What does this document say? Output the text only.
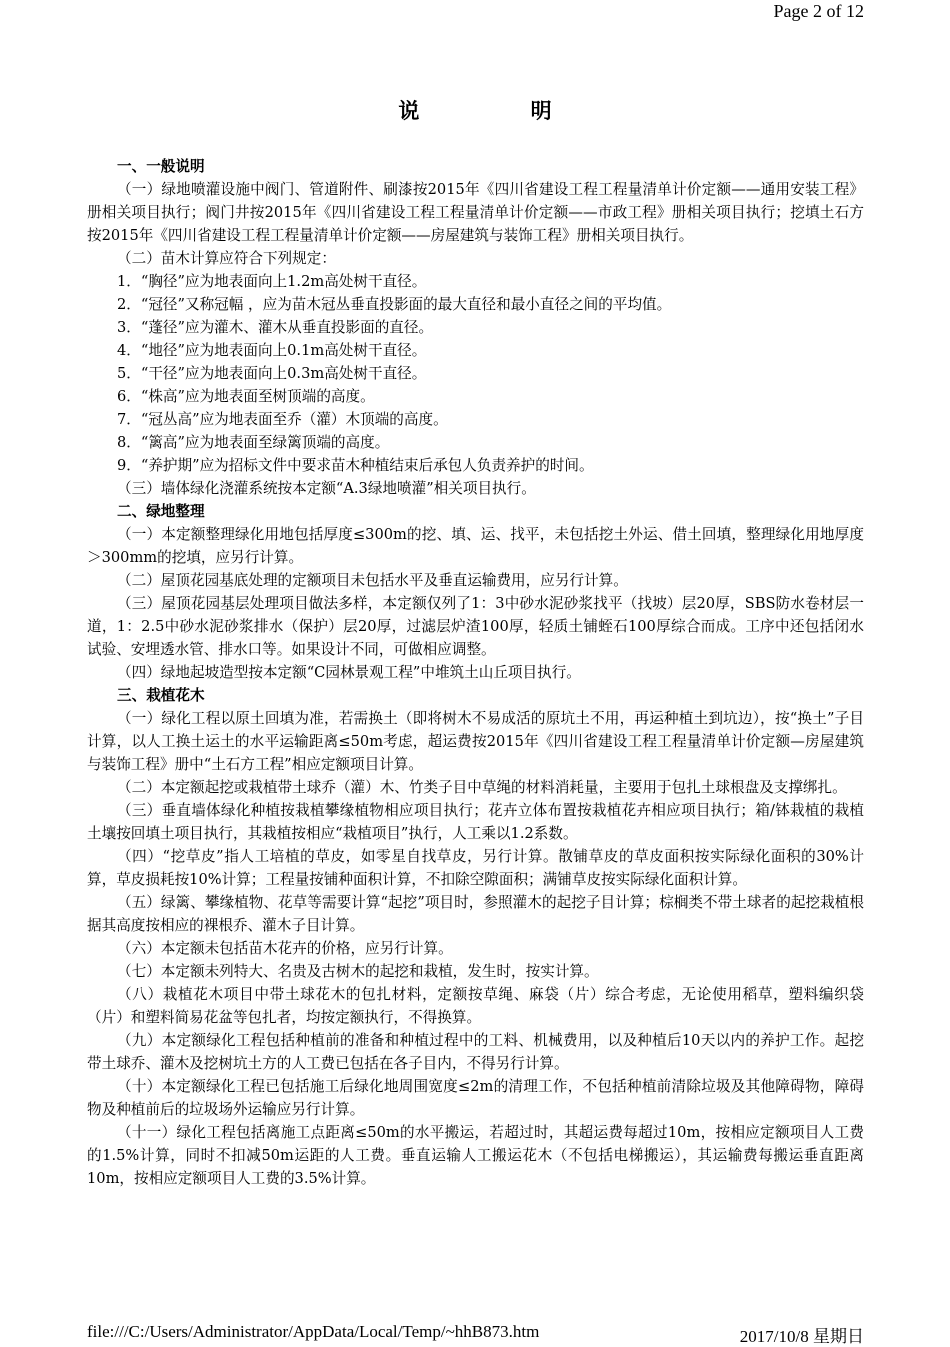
Page 2 of 12
说 明

一、一般说明

（一）绿地喷灌设施中阀门、管道附件、刷漆按2015年《四川省建设工程工程量清单计价定额——通用安装工程》册相关项目执行；阀门井按2015年《四川省建设工程工程量清单计价定额——市政工程》册相关项目执行；挖填土石方按2015年《四川省建设工程工程量清单计价定额——房屋建筑与装饰工程》册相关项目执行。

（二）苗木计算应符合下列规定：

1．“胸径”应为地表面向上1.2m高处树干直径。

2．“冠径”又称冠幅 ，应为苗木冠丛垂直投影面的最大直径和最小直径之间的平均值。

3．“蓬径”应为灌木、灌木从垂直投影面的直径。

4．“地径”应为地表面向上0.1m高处树干直径。

5．“干径”应为地表面向上0.3m高处树干直径。

6．“株高”应为地表面至树顶端的高度。

7．“冠丛高”应为地表面至乔（灌）木顶端的高度。

8．“篱高”应为地表面至绿篱顶端的高度。

9．“养护期”应为招标文件中要求苗木种植结束后承包人负责养护的时间。

（三）墙体绿化浇灌系统按本定额“A.3绿地喷灌”相关项目执行。

二、绿地整理

（一）本定额整理绿化用地包括厚度≤300m的挖、填、运、找平，未包括挖土外运、借土回填，整理绿化用地厚度＞300mm的挖填，应另行计算。

（二）屋顶花园基底处理的定额项目未包括水平及垂直运输费用，应另行计算。

（三）屋顶花园基层处理项目做法多样，本定额仅列了1：3中砂水泥砂浆找平（找坡）层20厚，SBS防水卷材层一道，1：2.5中砂水泥砂浆排水（保护）层20厚，过滤层炉渣100厚，轻质土铺蛭石100厚综合而成。工序中还包括闭水试验、安埋透水管、排水口等。如果设计不同，可做相应调整。

（四）绿地起坡造型按本定额“C园林景观工程”中堆筑土山丘项目执行。

三、栽植花木

（一）绿化工程以原土回填为准，若需换土（即将树木不易成活的原坑土不用，再运种植土到坑边），按“换土”子目计算，以人工换土运土的水平运输距离≤50m考虑，超运费按2015年《四川省建设工程工程量清单计价定额—房屋建筑与装饰工程》册中“土石方工程”相应定额项目计算。

（二）本定额起挖或栽植带土球乔（灌）木、竹类子目中草绳的材料消耗量，主要用于包扎土球根盘及支撑绑扎。

（三）垂直墙体绿化种植按栽植攀缘植物相应项目执行；花卉立体布置按栽植花卉相应项目执行；箱/钵栽植的栽植土壤按回填土项目执行，其栽植按相应“栽植项目”执行，人工乘以1.2系数。

（四）“挖草皮”指人工培植的草皮，如零星自找草皮，另行计算。散铺草皮的草皮面积按实际绿化面积的30%计算，草皮损耗按10%计算；工程量按铺种面积计算，不扣除空隙面积；满铺草皮按实际绿化面积计算。

（五）绿篱、攀缘植物、花草等需要计算“起挖”项目时，参照灌木的起挖子目计算；棕榈类不带土球者的起挖栽植根据其高度按相应的裸根乔、灌木子目计算。

（六）本定额未包括苗木花卉的价格，应另行计算。

（七）本定额未列特大、名贵及古树木的起挖和栽植，发生时，按实计算。

（八）栽植花木项目中带土球花木的包扎材料，定额按草绳、麻袋（片）综合考虑，无论使用稻草，塑料编织袋（片）和塑料简易花盆等包扎者，均按定额执行，不得换算。

（九）本定额绿化工程包括种植前的准备和种植过程中的工料、机械费用，以及种植后10天以内的养护工作。起挖带土球乔、灌木及挖树坑土方的人工费已包括在各子目内，不得另行计算。

（十）本定额绿化工程已包括施工后绿化地周围宽度≤2m的清理工作，不包括种植前清除垃圾及其他障碍物，障碍物及种植前后的垃圾场外运输应另行计算。

（十一）绿化工程包括离施工点距离≤50m的水平搬运，若超过时，其超运费每超过10m，按相应定额项目人工费的1.5%计算，同时不扣减50m运距的人工费。垂直运输人工搬运花木（不包括电梯搬运），其运输费每搬运垂直距离10m，按相应定额项目人工费的3.5%计算。

file:///C:/Users/Administrator/AppData/Local/Temp/~hhB873.htm	2017/10/8 星期日
